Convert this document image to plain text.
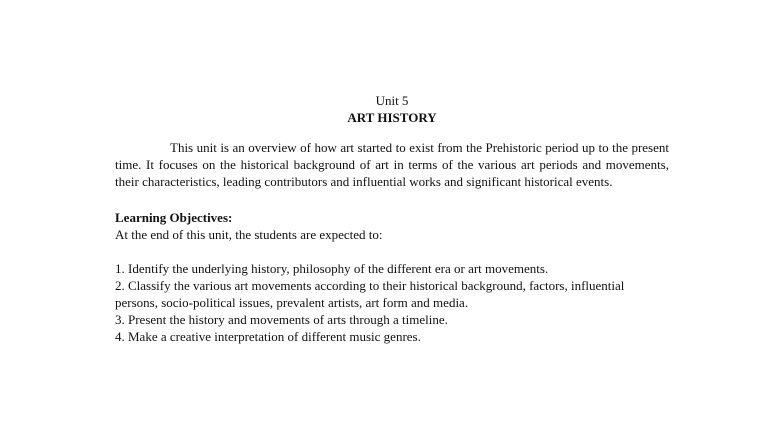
Unit 5

ART HISTORY

This unit is an overview of how art started to exist from the Prehistoric period up to the present time. It focuses on the historical background of art in terms of the various art periods and movements, their characteristics, leading contributors and influential works and significant historical events.

Learning Objectives:

At the end of this unit, the students are expected to:

1. Identify the underlying history, philosophy of the different era or art movements.
2. Classify the various art movements according to their historical background, factors, influential persons, socio-political issues, prevalent artists, art form and media.
3. Present the history and movements of arts through a timeline.
4. Make a creative interpretation of different music genres.
